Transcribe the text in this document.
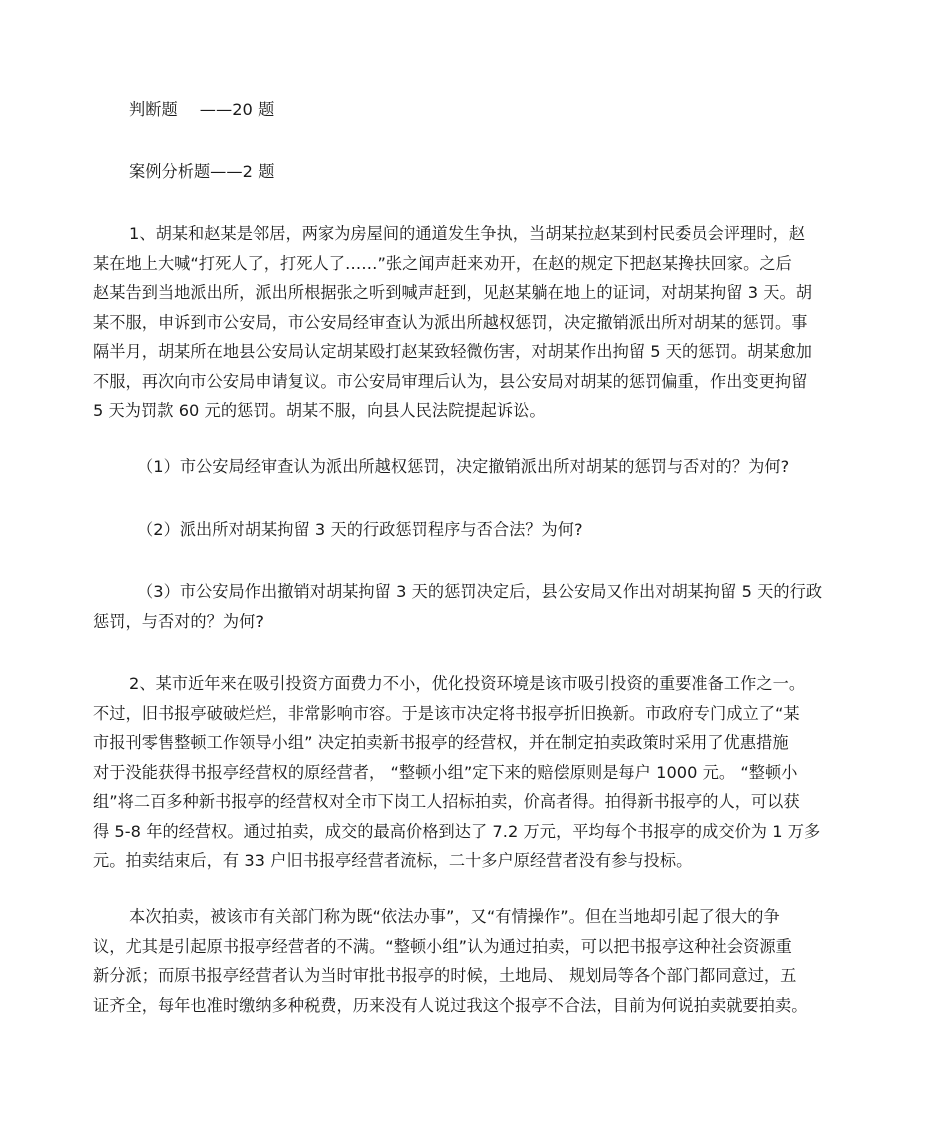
判断题 ——20 题

案例分析题——2 题

1、胡某和赵某是邻居，两家为房屋间的通道发生争执，当胡某拉赵某到村民委员会评理时，赵
某在地上大喊“打死人了，打死人了……”张之闻声赶来劝开，在赵的规定下把赵某搀扶回家。之后
赵某告到当地派出所，派出所根据张之听到喊声赶到，见赵某躺在地上的证词，对胡某拘留 3 天。胡
某不服，申诉到市公安局，市公安局经审查认为派出所越权惩罚，决定撤销派出所对胡某的惩罚。事
隔半月，胡某所在地县公安局认定胡某殴打赵某致轻微伤害，对胡某作出拘留 5 天的惩罚。胡某愈加
不服，再次向市公安局申请复议。市公安局审理后认为，县公安局对胡某的惩罚偏重，作出变更拘留
5 天为罚款 60 元的惩罚。胡某不服，向县人民法院提起诉讼。

（1）市公安局经审查认为派出所越权惩罚，决定撤销派出所对胡某的惩罚与否对的？为何?

（2）派出所对胡某拘留 3 天的行政惩罚程序与否合法？为何?

（3）市公安局作出撤销对胡某拘留 3 天的惩罚决定后，县公安局又作出对胡某拘留 5 天的行政
惩罚，与否对的？为何?

2、某市近年来在吸引投资方面费力不小，优化投资环境是该市吸引投资的重要准备工作之一。
不过，旧书报亭破破烂烂，非常影响市容。于是该市决定将书报亭折旧换新。市政府专门成立了“某
市报刊零售整顿工作领导小组” 决定拍卖新书报亭的经营权，并在制定拍卖政策时采用了优惠措施
对于没能获得书报亭经营权的原经营者， “整顿小组”定下来的赔偿原则是每户 1000 元。 “整顿小
组”将二百多种新书报亭的经营权对全市下岗工人招标拍卖，价高者得。拍得新书报亭的人，可以获
得 5-8 年的经营权。通过拍卖，成交的最高价格到达了 7.2 万元，平均每个书报亭的成交价为 1 万多
元。拍卖结束后，有 33 户旧书报亭经营者流标，二十多户原经营者没有参与投标。

本次拍卖，被该市有关部门称为既“依法办事”，又“有情操作”。但在当地却引起了很大的争
议，尤其是引起原书报亭经营者的不满。“整顿小组”认为通过拍卖，可以把书报亭这种社会资源重
新分派；而原书报亭经营者认为当时审批书报亭的时候，土地局、 规划局等各个部门都同意过，五
证齐全，每年也准时缴纳多种税费，历来没有人说过我这个报亭不合法，目前为何说拍卖就要拍卖。
